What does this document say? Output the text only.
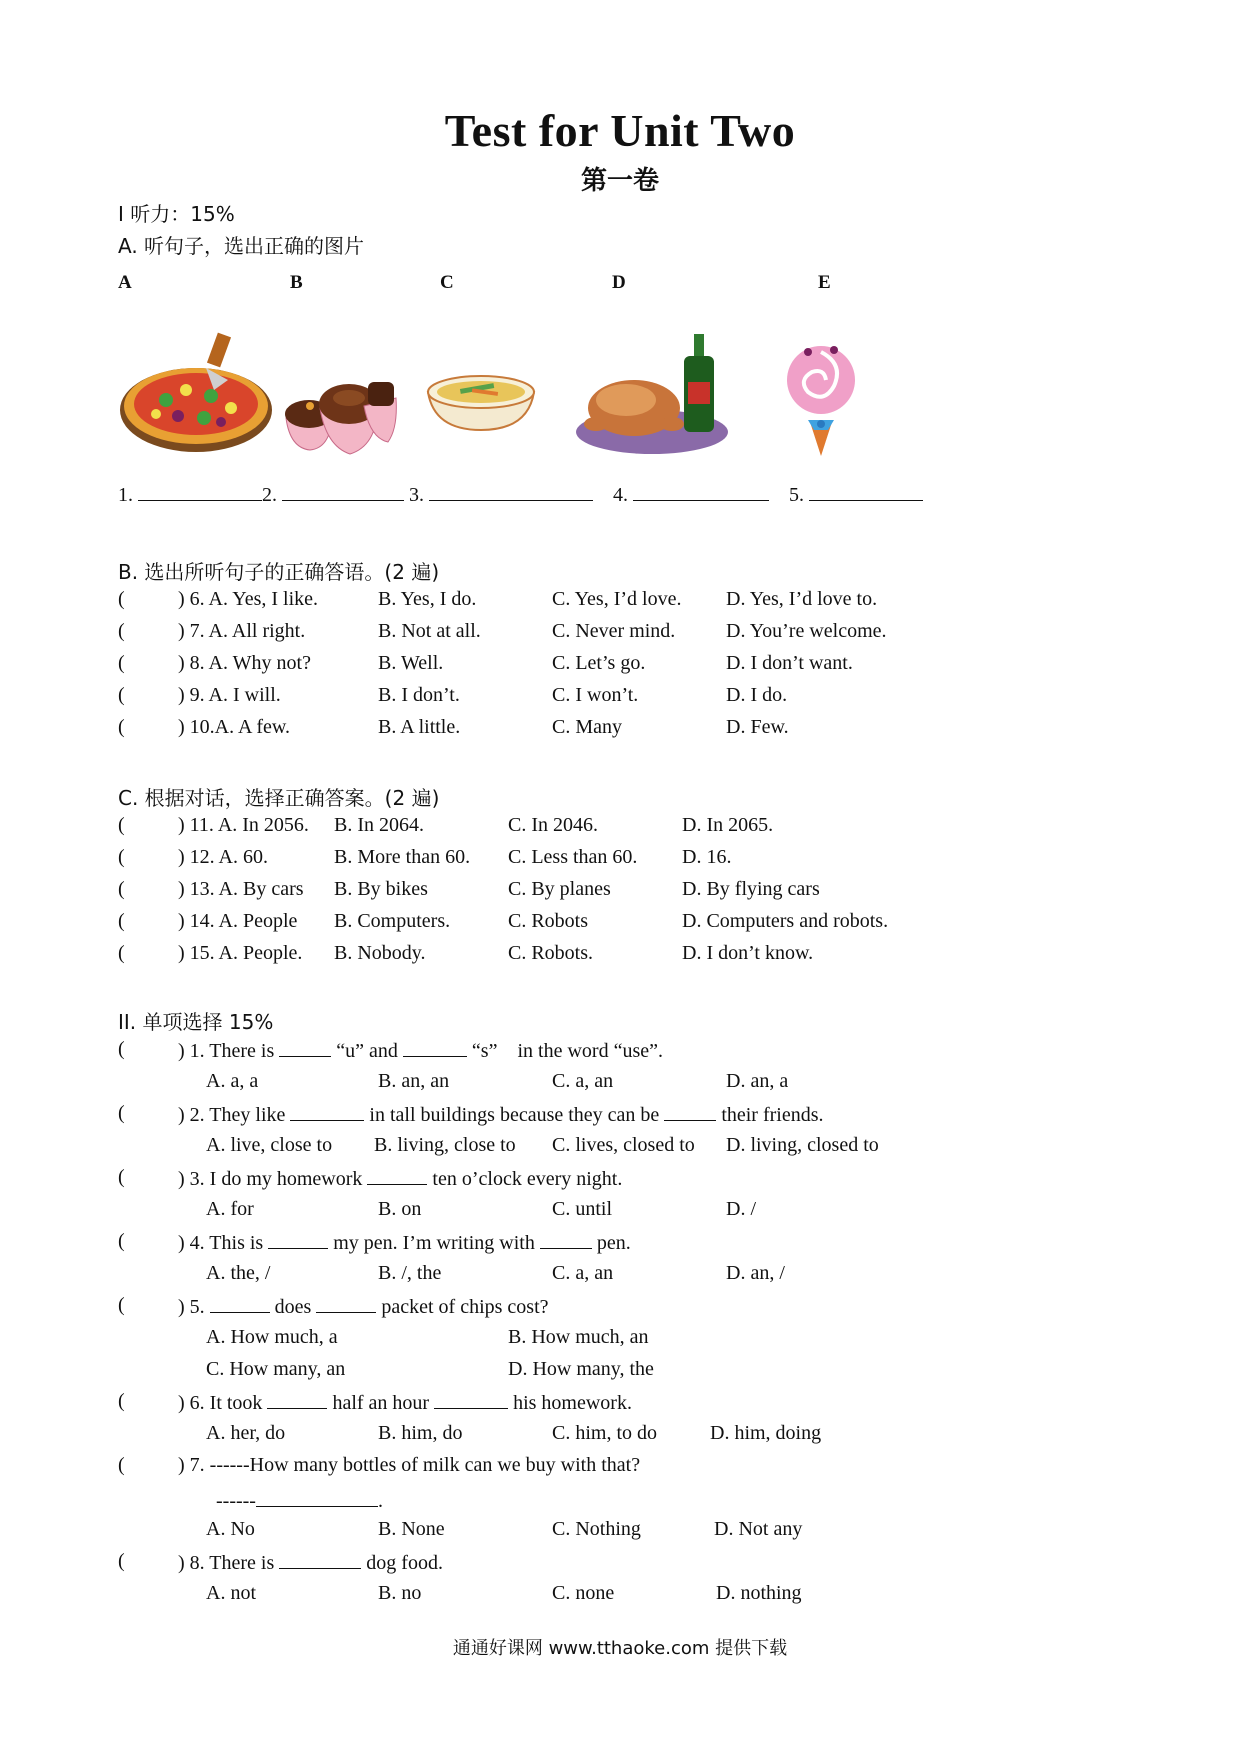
Test for Unit Two
第一卷
I 听力：15%
A. 听句子，选出正确的图片
A	B	C	D	E
1.	2.	3.	4.	5.
B. 选出所听句子的正确答语。(2 遍)
(	) 6. A. Yes, I like.	B. Yes, I do.	C. Yes, I’d love. D. Yes, I’d love to.
(	) 7. A. All right.	B. Not at all.	C. Never mind.	D. You’re welcome.
(	) 8. A. Why not?	B. Well.	C. Let’s go.	D. I don’t want.
(	) 9. A. I will.	B. I don’t.	C. I won’t.	D. I do.
(	) 10.A. A few.	B. A little.	C. Many	D. Few.
C. 根据对话，选择正确答案。(2 遍)
(	) 11. A. In 2056. B. In 2064.	C. In 2046.	D. In 2065.
(	) 12. A. 60.	B. More than 60. C. Less than 60. D. 16.
(	) 13. A. By cars B. By bikes	C. By planes	D. By flying cars
(	) 14. A. People B. Computers.	C. Robots	D. Computers and robots.
(	) 15. A. People. B. Nobody.	C. Robots.	D. I don’t know.
II. 单项选择 15%
(	) 1. There is	“u” and	“s” in the word “use”.
A. a, a	B. an, an	C. a, an	D. an, a
(	) 2. They like	in tall buildings because they can be	their friends.
A. live, close to B. living, close to C. lives, closed to D. living, closed to
(	) 3. I do my homework	ten o’clock every night.
A. for	B. on	C. until	D. /
(	) 4. This is	my pen. I’m writing with	pen.
A. the, /	B. /, the	C. a, an	D. an, /
(	) 5.	does	packet of chips cost?
A. How much, a	B. How much, an
C. How many, an	D. How many, the
(	) 6. It took	half an hour	his homework.
A. her, do	B. him, do	C. him, to do	D. him, doing
(	) 7. ------How many bottles of milk can we buy with that?
------	.
A. No	B. None	C. Nothing	D. Not any
(	) 8. There is	dog food.
A. not	B. no	C. none	D. nothing
通通好课网 www.tthaoke.com 提供下载
